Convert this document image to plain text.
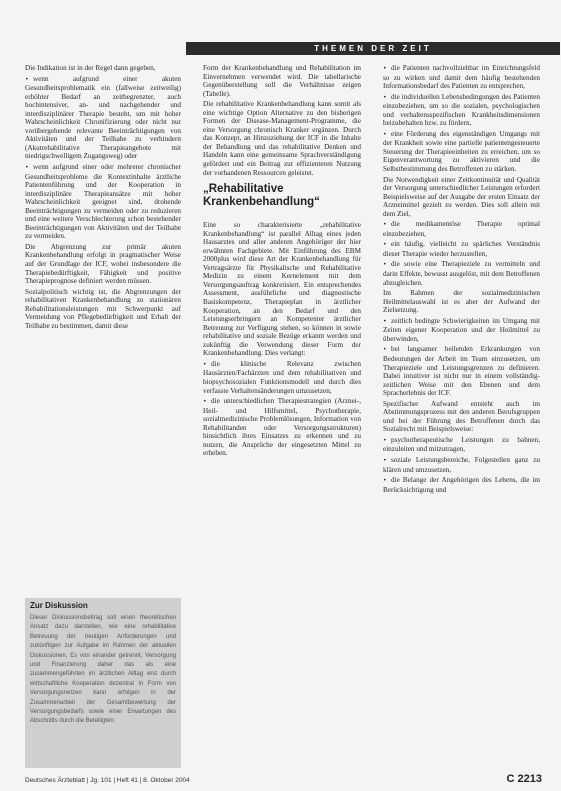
THEMEN DER ZEIT

Die Indikation ist in der Regel dann gegeben,

• wenn aufgrund einer akuten Gesundheitsproblematik ein (fallweise zeitweilig) erhöhter Bedarf an zeitbegrenzter, auch hochintensiver, an- und nachgehender und interdisziplinärer Therapie besteht, um mit hoher Wahrscheinlichkeit Chronifizierung oder nicht nur vorübergehende relevante Beeinträchtigungen von Aktivitäten und der Teilhabe zu verhindern (Akutrehabilitative Therapieangebote mit niedrigschwelligem Zugangsweg) oder

• wenn aufgrund einer oder mehrerer chronischer Gesundheitsprobleme die Kontextinhalte ärztliche Patientenführung und der Kooperation in interdisziplinäre Therapieansätze mit hoher Wahrscheinlichkeit geeignet sind, drohende Beeinträchtigungen zu vermeiden oder zu reduzieren und eine weitere Verschlechterung schon bestehender Beeinträchtigungen von Aktivitäten und der Teilhabe zu vermeiden.

Die Abgrenzung zur primär akuten Krankenbehandlung erfolgt in pragmatischer Weise auf der Grundlage der ICF, wobei insbesondere die Therapiebedürftigkeit, Fähigkeit und positive Therapieprognose definiert werden müssen.

Sozialpolitisch wichtig ist, die Abgrenzungen der rehabilitativen Krankenbehandlung zu stationären Rehabilitationsleistungen mit Schwerpunkt auf Vermeidung von Pflegebedürftigkeit und Erhalt der Teilhabe zu bestimmen, damit diese

Zur Diskussion
Dieser Diskussionsbeitrag soll einen theoretischen Ansatz dazu darstellen, wie eine rehabilitative Betreuung der heutigen Anforderungen und zukünftigen zur Aufgabe im Rahmen der aktuellen Diskussionen. Es von einander getrennt, Versorgung und Finanzierung daher das als eine zusammengeführten im ärztlichen Alltag erst durch wirtschaftliche Kooperation dezentral in Form von Versorgungsnetzen kann erfolgen in der Zusammenarbeit der Gesamtbewertung der Versorgungsbedarfs sowie einer Erwartungen des Abschnitts durch die Beteiligten.

Form der Krankenbehandlung und Rehabilitation im Einvernehmen verwendet wird. Die tabellarische Gegenüberstellung soll die Verhältnisse zeigen (Tabelle).

Die rehabilitative Krankenbehandlung kann somit als eine wichtige Option Alternative zu den bisherigen Formen der Disease-Management-Programme, die eine Versorgung chronisch Kranker ergänzen. Durch das Konzept, an Hinzuziehung der ICF in die Inhalte der Behandlung und das rehabilitative Denken und Handeln kann eine gemeinsame Sprachverständigung gefördert und ein Beitrag zur effizienteren Nutzung der vorhandenen Ressourcen geleistet.

„Rehabilitative Krankenbehandlung“

Eine so charakterisierte „rehabilitative Krankenbehandlung“ ist parallel Alltag eines jeden Hausarztes und aller anderen Angehöriger der hier erwähnten Fachgebiete. Mit Einführung des EBM 2000plus wird diese Art der Krankenbehandlung für Vertragsärzte für Physikalische und Rehabilitative Medizin zu einem Kernelement mit dem Versorgungsauftrag konkretisiert. Ein entsprechendes Assessment, ausführliche und diagnostische Basiskompetenz, Therapieplan in ärztlicher Kooperation, an den Bedarf und den Leistungserbringern an Kompetenter ärztlicher Betreuung zur Verfügung stehen, so können in sowie rehabilitative und soziale Bezüge erkannt werden und zukünftig die Verwendung dieser Form der Krankenbehandlung. Dies verlangt:

• die klinische Relevanz zwischen Hausärzten/Fachärzten und dem rehabilitativen und biopsychosozialen Funktionsmodell und durch dies verfasste Verhaltensänderungen umzusetzen,

• die unterschiedlichen Therapiestrategien (Arznei-, Heil- und Hilfsmittel, Psychotherapie, sozialmedizinische Problemlösungen, Information von Rehabilitanden oder Versorgungsstrukturen) hinsichtlich ihres Einsatzes zu erkennen und zu nutzen, die Ansprüche der eingesetzten Mittel zu erheben.

• die Patienten nachvollziehbar im Einrichtungsfeld so zu wirken und damit dem häufig bestehenden Informationsbedarf des Patienten zu entsprechen,

• die individuellen Lebensbedingungen des Patienten einzubeziehen, um so die sozialen, psychologischen und verhaltensspezifischen Krankheitsdimensionen beizubehalten bzw. zu fördern,

• eine Förderung des eigenständigen Umgangs mit der Krankheit sowie eine partielle patientengesteuerte Steuerung der Therapieeinheiten zu erreichen, um so Eigenverantwortung zu aktivieren und die Selbstbestimmung des Betroffenen zu stärken.

Die Notwendigkeit einer Zeitkontinuität und Qualität der Versorgung unterschiedlicher Leistungen erfordert Beispielsweise auf der Ausgabe der ersten Einsatz der Arzneimittel gezielt zu werden. Dies soll allein mit dem Ziel,

• die medikamentöse Therapie optimal einzubeziehen,

• ein häufig, vielleicht zu spärliches Verständnis dieser Therapie wieder herzustellen,

• die sowie eine Therapieziele zu vermitteln und darin Effekte, bewusst ausgelöst, mit dem Betroffenen abzugleichen.

Im Rahmen der sozialmedizinischen Heilmittelauswahl ist es aber der Aufwand der Zielsetzung.

• zeitlich bedingte Schwierigkeiten im Umgang mit Zeiten eigener Kooperation und der Heilmittel zu überwinden,

• bei langsamer heilenden Erkrankungen von Bedeutungen der Arbeit im Team einzusetzen, um Therapieziele und Leistungsgrenzen zu definieren. Dabei intuitiver ist nicht nur in einem vollständig-zeitlichen Weise mit den Ebenen und dem Spracherlebnis der ICF.

Spezifischer Aufwand entsteht auch im Abstimmungsprozess mit den anderen Berufsgruppen und bei der Führung des Betroffenen durch das Sozialrecht mit Beispielsweise:

• psychotherapeutische Leistungen zu bahnen, einzuleiten und mitzutragen,

• soziale Leistungsbereiche, Folgestellen ganz zu klären und umzusetzen,

• die Belange der Angehörigen des Lebens, die im Berücksichtigung und

Deutsches Ärzteblatt | Jg. 101 | Heft 41 | 8. Oktober 2004	C 2213
